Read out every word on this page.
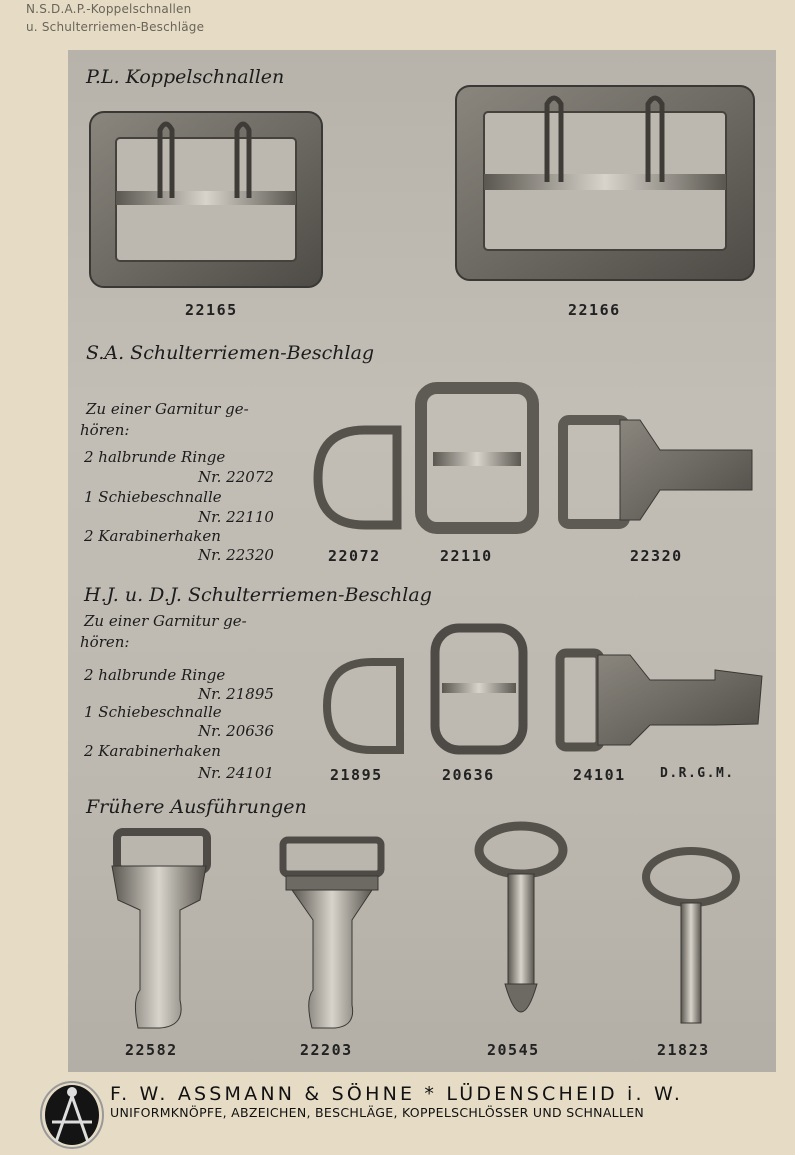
N.S.D.A.P.-Koppelschnallen
u. Schulterriemen-Beschläge
P.L. Koppelschnallen
22165	22166
S.A. Schulterriemen-Beschlag
Zu einer Garnitur ge-
hören:
2 halbrunde Ringe
Nr. 22072
1 Schiebeschnalle
Nr. 22110
2 Karabinerhaken
Nr. 22320	22072	22110	22320
H.J. u. D.J. Schulterriemen-Beschlag
Zu einer Garnitur ge-
hören:
2 halbrunde Ringe
Nr. 21895
1 Schiebeschnalle
Nr. 20636
2 Karabinerhaken
Nr. 24101	21895	20636	24101	D.R.G.M.
Frühere Ausführungen
22582	22203	20545	21823
F. W. ASSMANN & SÖHNE * LÜDENSCHEID i. W.
UNIFORMKNÖPFE, ABZEICHEN, BESCHLÄGE, KOPPELSCHLÖSSER UND SCHNALLEN
